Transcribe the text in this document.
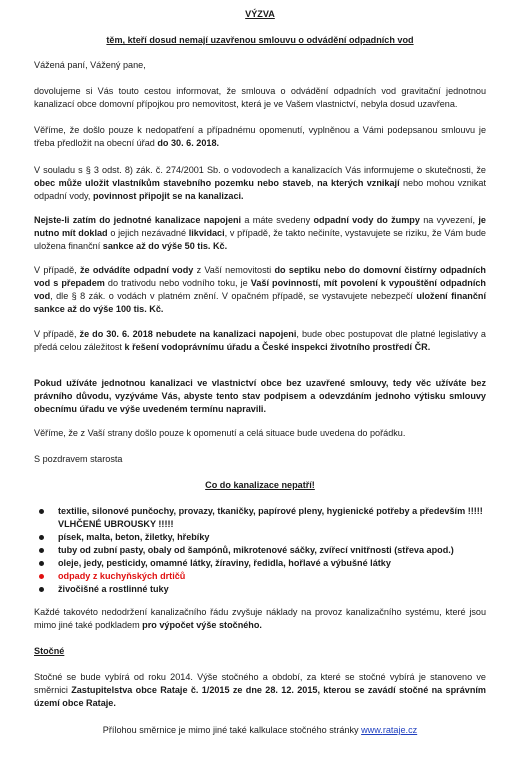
VÝZVA

těm, kteří dosud nemají uzavřenou smlouvu o odvádění odpadních vod

Vážená paní, Vážený pane,

dovolujeme si Vás touto cestou informovat, že smlouva o odvádění odpadních vod gravitační jednotnou kanalizací obce domovní přípojkou pro nemovitost, která je ve Vašem vlastnictví, nebyla dosud uzavřena.

Věříme, že došlo pouze k nedopatření a případnému opomenutí, vyplněnou a Vámi podepsanou smlouvu je třeba předložit na obecní úřad do 30. 6. 2018.

V souladu s § 3 odst. 8) zák. č. 274/2001 Sb. o vodovodech a kanalizacích Vás informujeme o skutečnosti, že obec může uložit vlastníkům stavebního pozemku nebo staveb, na kterých vznikají nebo mohou vznikat odpadní vody, povinnost připojit se na kanalizaci.

Nejste-li zatím do jednotné kanalizace napojeni a máte svedeny odpadní vody do žumpy na vyvezení, je nutno mít doklad o jejich nezávadné likvidaci, v případě, že takto nečiníte, vystavujete se riziku, že Vám bude uložena finanční sankce až do výše 50 tis. Kč.

V případě, že odvádíte odpadní vody z Vaší nemovitosti do septiku nebo do domovní čistírny odpadních vod s přepadem do trativodu nebo vodního toku, je Vaší povinností, mít povolení k vypouštění odpadních vod, dle § 8 zák. o vodách v platném znění. V opačném případě, se vystavujete nebezpečí uložení finanční sankce až do výše 100 tis. Kč.

V případě, že do 30. 6. 2018 nebudete na kanalizaci napojeni, bude obec postupovat dle platné legislativy a předá celou záležitost k řešení vodoprávnímu úřadu a České inspekci životního prostředí ČR.

Pokud užíváte jednotnou kanalizaci ve vlastnictví obce bez uzavřené smlouvy, tedy věc užíváte bez právního důvodu, vyzýváme Vás, abyste tento stav podpisem a odevzdáním jednoho výtisku smlouvy obecnímu úřadu ve výše uvedeném termínu napravili.

Věříme, že z Vaší strany došlo pouze k opomenutí a celá situace bude uvedena do pořádku.

S pozdravem starosta

Co do kanalizace nepatří!

textilie, silonové punčochy, provazy, tkaničky, papírové pleny, hygienické potřeby a především !!!!! VLHČENÉ UBROUSKY !!!!!
písek, malta, beton, žiletky, hřebíky
tuby od zubní pasty, obaly od šampónů, mikrotenové sáčky, zvířecí vnitřnosti (střeva apod.)
oleje, jedy, pesticidy, omamné látky, žíraviny, ředidla, hořlavé a výbušné látky
odpady z kuchyňských drtičů
živočišné a rostlinné tuky

Každé takovéto nedodržení kanalizačního řádu zvyšuje náklady na provoz kanalizačního systému, které jsou mimo jiné také podkladem pro výpočet výše stočného.

Stočné

Stočné se bude vybírá od roku 2014. Výše stočného a období, za které se stočné vybírá je stanoveno ve směrnici Zastupitelstva obce Rataje č. 1/2015 ze dne 28. 12. 2015, kterou se zavádí stočné na správním území obce Rataje.

Přílohou směrnice je mimo jiné také kalkulace stočného stránky www.rataje.cz
